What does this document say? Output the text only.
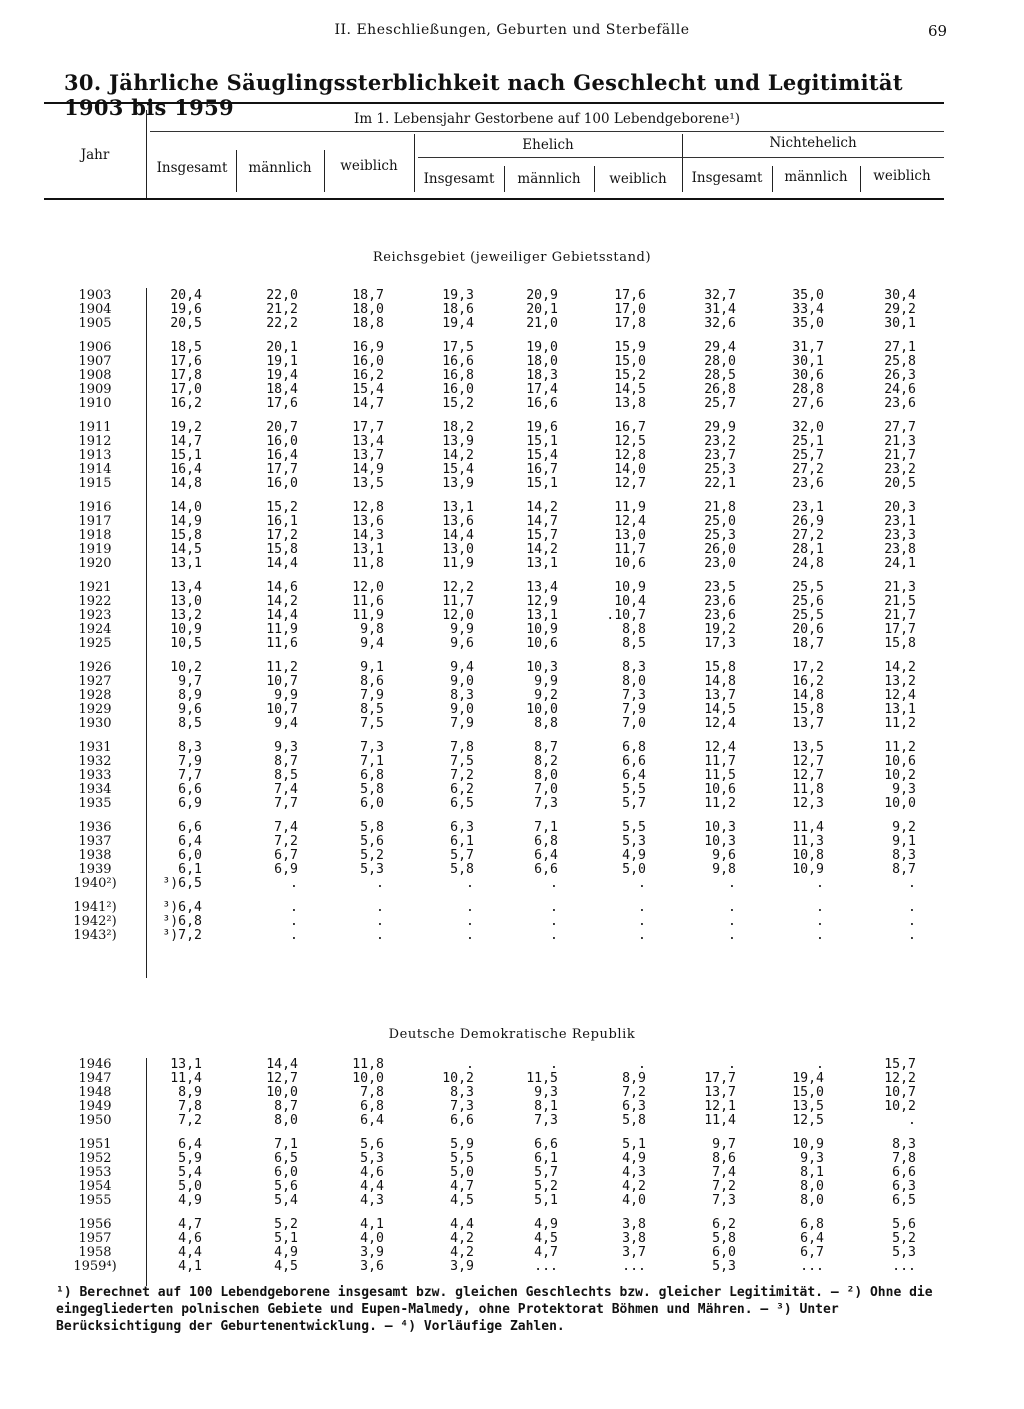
II. Eheschließungen, Geburten und Sterbefälle	69
30. Jährliche Säuglingssterblichkeit nach Geschlecht und Legitimität 1903 bis 1959
Jahr
Im 1. Lebensjahr Gestorbene auf 100 Lebendgeborene¹)
Insgesamt	männlich	weiblich
Ehelich	Nichtehelich
Insgesamt	männlich	weiblich	Insgesamt	männlich	weiblich
Reichsgebiet (jeweiliger Gebietsstand)
1903	20,4	22,0	18,7	19,3	20,9	17,6	32,7	35,0	30,4
1904	19,6	21,2	18,0	18,6	20,1	17,0	31,4	33,4	29,2
1905	20,5	22,2	18,8	19,4	21,0	17,8	32,6	35,0	30,1

1906	18,5	20,1	16,9	17,5	19,0	15,9	29,4	31,7	27,1
1907	17,6	19,1	16,0	16,6	18,0	15,0	28,0	30,1	25,8
1908	17,8	19,4	16,2	16,8	18,3	15,2	28,5	30,6	26,3
1909	17,0	18,4	15,4	16,0	17,4	14,5	26,8	28,8	24,6
1910	16,2	17,6	14,7	15,2	16,6	13,8	25,7	27,6	23,6

1911	19,2	20,7	17,7	18,2	19,6	16,7	29,9	32,0	27,7
1912	14,7	16,0	13,4	13,9	15,1	12,5	23,2	25,1	21,3
1913	15,1	16,4	13,7	14,2	15,4	12,8	23,7	25,7	21,7
1914	16,4	17,7	14,9	15,4	16,7	14,0	25,3	27,2	23,2
1915	14,8	16,0	13,5	13,9	15,1	12,7	22,1	23,6	20,5

1916	14,0	15,2	12,8	13,1	14,2	11,9	21,8	23,1	20,3
1917	14,9	16,1	13,6	13,6	14,7	12,4	25,0	26,9	23,1
1918	15,8	17,2	14,3	14,4	15,7	13,0	25,3	27,2	23,3
1919	14,5	15,8	13,1	13,0	14,2	11,7	26,0	28,1	23,8
1920	13,1	14,4	11,8	11,9	13,1	10,6	23,0	24,8	24,1

1921	13,4	14,6	12,0	12,2	13,4	10,9	23,5	25,5	21,3
1922	13,0	14,2	11,6	11,7	12,9	10,4	23,6	25,6	21,5
1923	13,2	14,4	11,9	12,0	13,1	.10,7	23,6	25,5	21,7
1924	10,9	11,9	9,8	9,9	10,9	8,8	19,2	20,6	17,7
1925	10,5	11,6	9,4	9,6	10,6	8,5	17,3	18,7	15,8

1926	10,2	11,2	9,1	9,4	10,3	8,3	15,8	17,2	14,2
1927	9,7	10,7	8,6	9,0	9,9	8,0	14,8	16,2	13,2
1928	8,9	9,9	7,9	8,3	9,2	7,3	13,7	14,8	12,4
1929	9,6	10,7	8,5	9,0	10,0	7,9	14,5	15,8	13,1
1930	8,5	9,4	7,5	7,9	8,8	7,0	12,4	13,7	11,2

1931	8,3	9,3	7,3	7,8	8,7	6,8	12,4	13,5	11,2
1932	7,9	8,7	7,1	7,5	8,2	6,6	11,7	12,7	10,6
1933	7,7	8,5	6,8	7,2	8,0	6,4	11,5	12,7	10,2
1934	6,6	7,4	5,8	6,2	7,0	5,5	10,6	11,8	9,3
1935	6,9	7,7	6,0	6,5	7,3	5,7	11,2	12,3	10,0

1936	6,6	7,4	5,8	6,3	7,1	5,5	10,3	11,4	9,2
1937	6,4	7,2	5,6	6,1	6,8	5,3	10,3	11,3	9,1
1938	6,0	6,7	5,2	5,7	6,4	4,9	9,6	10,8	8,3
1939	6,1	6,9	5,3	5,8	6,6	5,0	9,8	10,9	8,7
1940²)	³)6,5	.	.	.	.	.	.	.	.

1941²)	³)6,4	.	.	.	.	.	.	.	.
1942²)	³)6,8	.	.	.	.	.	.	.	.
1943²)	³)7,2	.	.	.	.	.	.	.	.
Deutsche Demokratische Republik
1946	13,1	14,4	11,8	.	.	.	.	.	15,7
1947	11,4	12,7	10,0	10,2	11,5	8,9	17,7	19,4	12,2
1948	8,9	10,0	7,8	8,3	9,3	7,2	13,7	15,0	10,7
1949	7,8	8,7	6,8	7,3	8,1	6,3	12,1	13,5	10,2
1950	7,2	8,0	6,4	6,6	7,3	5,8	11,4	12,5	.

1951	6,4	7,1	5,6	5,9	6,6	5,1	9,7	10,9	8,3
1952	5,9	6,5	5,3	5,5	6,1	4,9	8,6	9,3	7,8
1953	5,4	6,0	4,6	5,0	5,7	4,3	7,4	8,1	6,6
1954	5,0	5,6	4,4	4,7	5,2	4,2	7,2	8,0	6,3
1955	4,9	5,4	4,3	4,5	5,1	4,0	7,3	8,0	6,5

1956	4,7	5,2	4,1	4,4	4,9	3,8	6,2	6,8	5,6
1957	4,6	5,1	4,0	4,2	4,5	3,8	5,8	6,4	5,2
1958	4,4	4,9	3,9	4,2	4,7	3,7	6,0	6,7	5,3
1959⁴)	4,1	4,5	3,6	3,9	...	...	5,3	...	...
¹) Berechnet auf 100 Lebendgeborene insgesamt bzw. gleichen Geschlechts bzw. gleicher Legitimität. — ²) Ohne die eingegliederten polnischen Gebiete und Eupen-Malmedy, ohne Protektorat Böhmen und Mähren. — ³) Unter Berücksichtigung der Geburtenentwicklung. — ⁴) Vorläufige Zahlen.
